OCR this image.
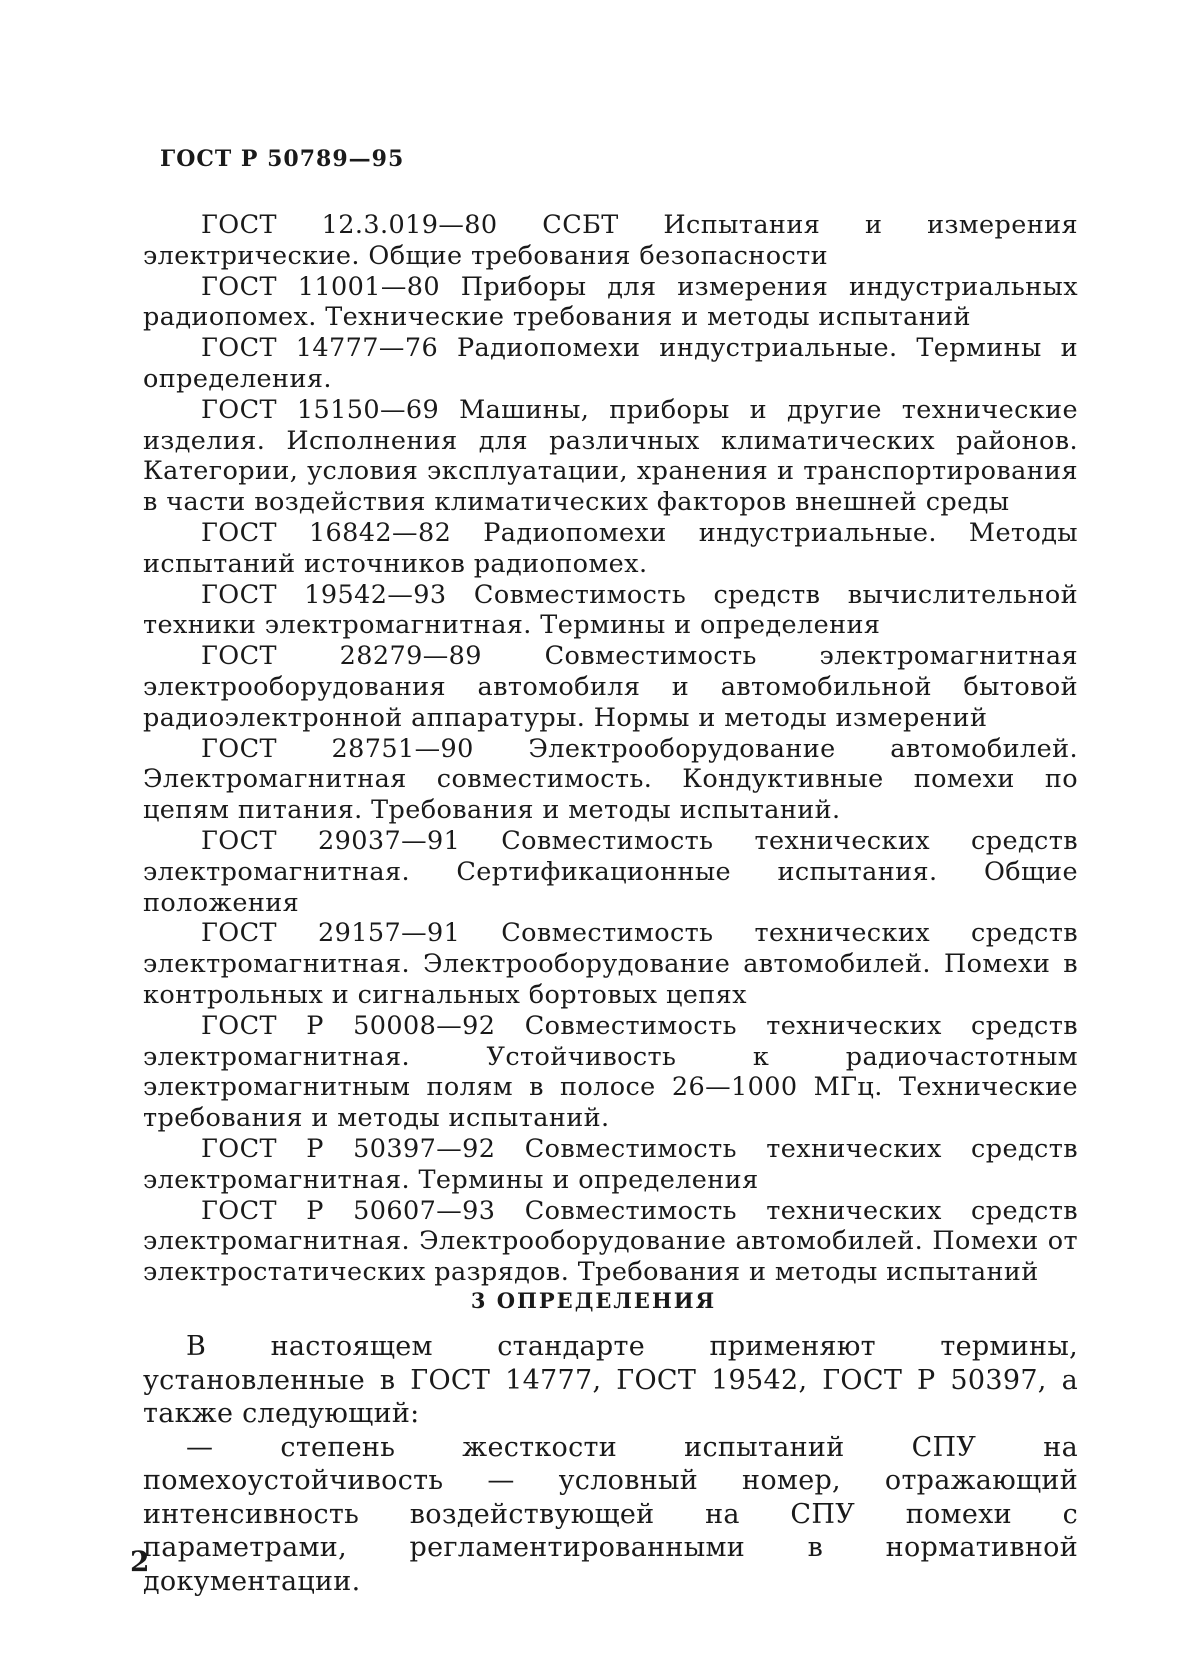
ГОСТ Р 50789—95

ГОСТ 12.3.019—80 ССБТ Испытания и измерения электрические. Общие требования безопасности

ГОСТ 11001—80 Приборы для измерения индустриальных радиопомех. Технические требования и методы испытаний

ГОСТ 14777—76 Радиопомехи индустриальные. Термины и определения.

ГОСТ 15150—69 Машины, приборы и другие технические изделия. Исполнения для различных климатических районов. Категории, условия эксплуатации, хранения и транспортирования в части воздействия климатических факторов внешней среды

ГОСТ 16842—82 Радиопомехи индустриальные. Методы испытаний источников радиопомех.

ГОСТ 19542—93 Совместимость средств вычислительной техники электромагнитная. Термины и определения

ГОСТ 28279—89 Совместимость электромагнитная электрооборудования автомобиля и автомобильной бытовой радиоэлектронной аппаратуры. Нормы и методы измерений

ГОСТ 28751—90 Электрооборудование автомобилей. Электромагнитная совместимость. Кондуктивные помехи по цепям питания. Требования и методы испытаний.

ГОСТ 29037—91 Совместимость технических средств электромагнитная. Сертификационные испытания. Общие положения

ГОСТ 29157—91 Совместимость технических средств электромагнитная. Электрооборудование автомобилей. Помехи в контрольных и сигнальных бортовых цепях

ГОСТ Р 50008—92 Совместимость технических средств электромагнитная. Устойчивость к радиочастотным электромагнитным полям в полосе 26—1000 МГц. Технические требования и методы испытаний.

ГОСТ Р 50397—92 Совместимость технических средств электромагнитная. Термины и определения

ГОСТ Р 50607—93 Совместимость технических средств электромагнитная. Электрооборудование автомобилей. Помехи от электростатических разрядов. Требования и методы испытаний

3 ОПРЕДЕЛЕНИЯ

В настоящем стандарте применяют термины, установленные в ГОСТ 14777, ГОСТ 19542, ГОСТ Р 50397, а также следующий:

— степень жесткости испытаний СПУ на помехоустойчивость — условный номер, отражающий интенсивность воздействующей на СПУ помехи с параметрами, регламентированными в нормативной документации.

2
